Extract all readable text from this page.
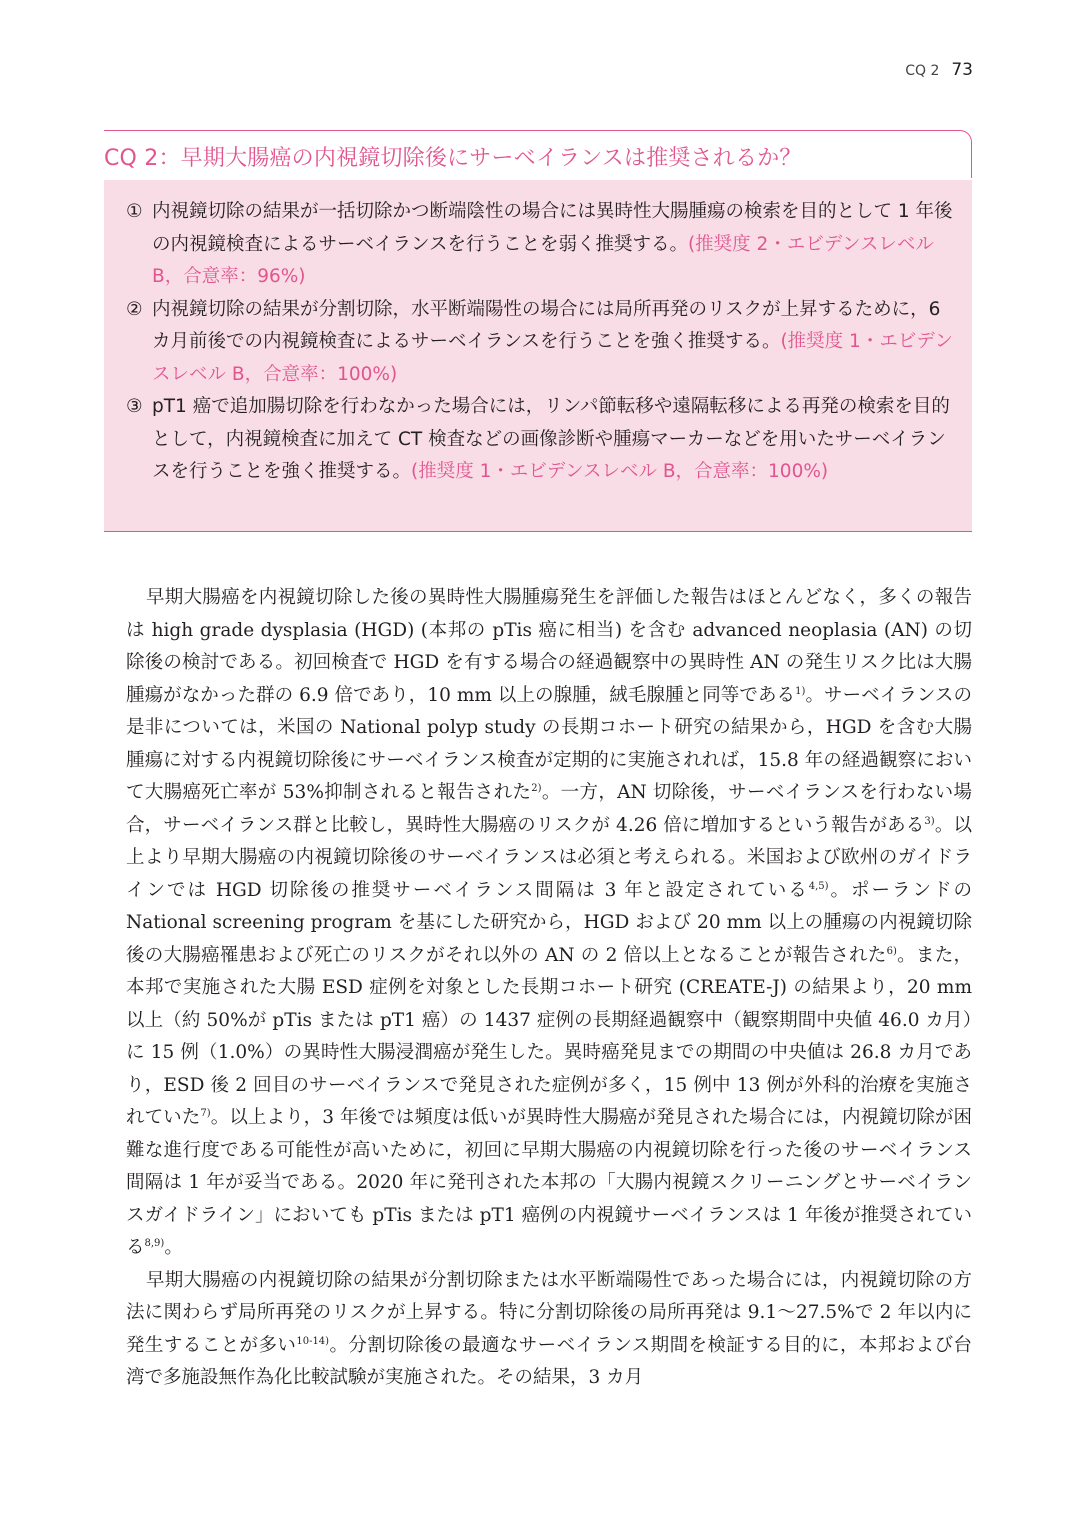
CQ 2 73
CQ 2：早期大腸癌の内視鏡切除後にサーベイランスは推奨されるか？
① 内視鏡切除の結果が一括切除かつ断端陰性の場合には異時性大腸腫瘍の検索を目的として 1 年後の内視鏡検査によるサーベイランスを行うことを弱く推奨する。(推奨度 2・エビデンスレベル B，合意率：96%)
② 内視鏡切除の結果が分割切除，水平断端陽性の場合には局所再発のリスクが上昇するために，6 カ月前後での内視鏡検査によるサーベイランスを行うことを強く推奨する。(推奨度 1・エビデンスレベル B，合意率：100%)
③ pT1 癌で追加腸切除を行わなかった場合には，リンパ節転移や遠隔転移による再発の検索を目的として，内視鏡検査に加えて CT 検査などの画像診断や腫瘍マーカーなどを用いたサーベイランスを行うことを強く推奨する。(推奨度 1・エビデンスレベル B，合意率：100%)

早期大腸癌を内視鏡切除した後の異時性大腸腫瘍発生を評価した報告はほとんどなく，多くの報告は high grade dysplasia (HGD) (本邦の pTis 癌に相当) を含む advanced neoplasia (AN) の切除後の検討である。初回検査で HGD を有する場合の経過観察中の異時性 AN の発生リスク比は大腸腫瘍がなかった群の 6.9 倍であり，10 mm 以上の腺腫，絨毛腺腫と同等である$^{1)}$。サーベイランスの是非については，米国の National polyp study の長期コホート研究の結果から，HGD を含む大腸腫瘍に対する内視鏡切除後にサーベイランス検査が定期的に実施されれば，15.8 年の経過観察において大腸癌死亡率が 53%抑制されると報告された$^{2)}$。一方，AN 切除後，サーベイランスを行わない場合，サーベイランス群と比較し，異時性大腸癌のリスクが 4.26 倍に増加するという報告がある$^{3)}$。以上より早期大腸癌の内視鏡切除後のサーベイランスは必須と考えられる。米国および欧州のガイドラインでは HGD 切除後の推奨サーベイランス間隔は 3 年と設定されている$^{4,5)}$。ポーランドの National screening program を基にした研究から，HGD および 20 mm 以上の腫瘍の内視鏡切除後の大腸癌罹患および死亡のリスクがそれ以外の AN の 2 倍以上となることが報告された$^{6)}$。また，本邦で実施された大腸 ESD 症例を対象とした長期コホート研究 (CREATE-J) の結果より，20 mm 以上（約 50%が pTis または pT1 癌）の 1437 症例の長期経過観察中（観察期間中央値 46.0 カ月）に 15 例（1.0%）の異時性大腸浸潤癌が発生した。異時癌発見までの期間の中央値は 26.8 カ月であり，ESD 後 2 回目のサーベイランスで発見された症例が多く，15 例中 13 例が外科的治療を実施されていた$^{7)}$。以上より，3 年後では頻度は低いが異時性大腸癌が発見された場合には，内視鏡切除が困難な進行度である可能性が高いために，初回に早期大腸癌の内視鏡切除を行った後のサーベイランス間隔は 1 年が妥当である。2020 年に発刊された本邦の「大腸内視鏡スクリーニングとサーベイランスガイドライン」においても pTis または pT1 癌例の内視鏡サーベイランスは 1 年後が推奨されている$^{8,9)}$。

早期大腸癌の内視鏡切除の結果が分割切除または水平断端陽性であった場合には，内視鏡切除の方法に関わらず局所再発のリスクが上昇する。特に分割切除後の局所再発は 9.1〜27.5%で 2 年以内に発生することが多い$^{10-14)}$。分割切除後の最適なサーベイランス期間を検証する目的に，本邦および台湾で多施設無作為化比較試験が実施された。その結果，3 カ月
